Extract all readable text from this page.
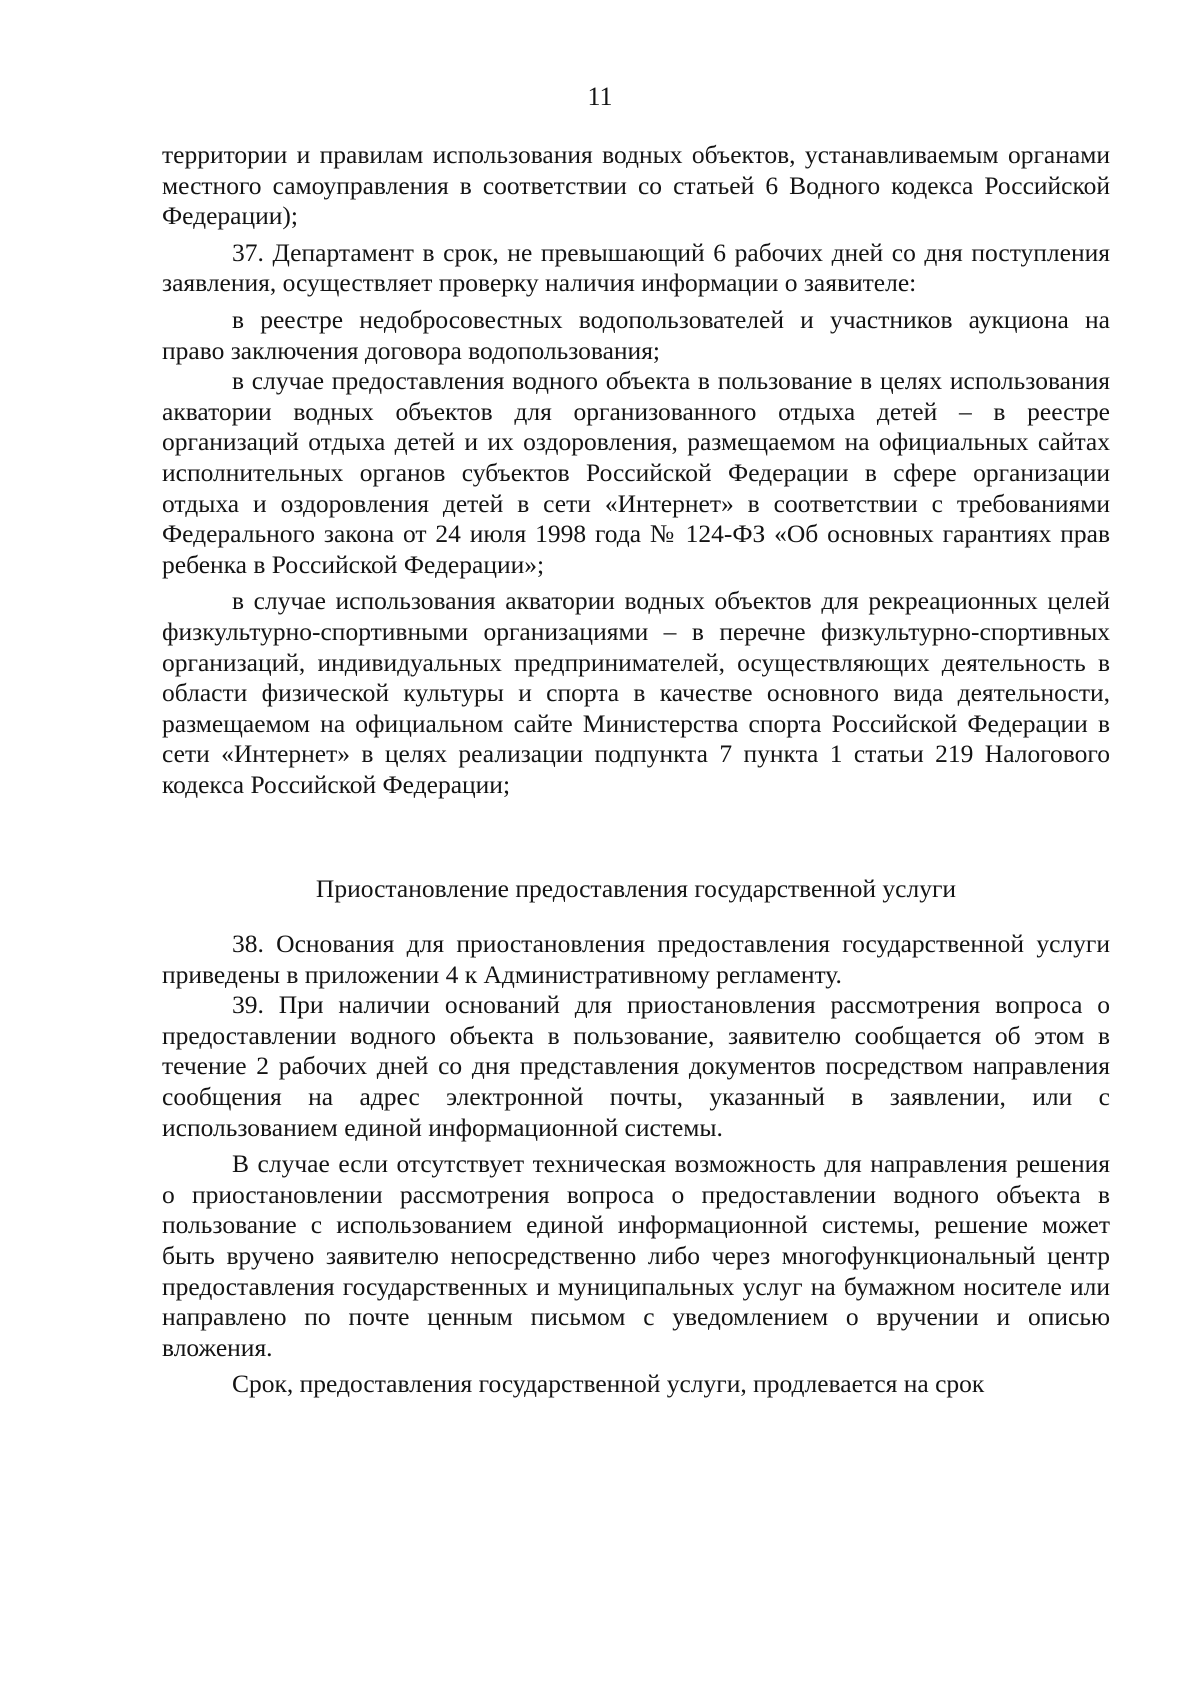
11

территории и правилам использования водных объектов, устанавливаемым органами местного самоуправления в соответствии со статьей 6 Водного кодекса Российской Федерации);

37. Департамент в срок, не превышающий 6 рабочих дней со дня поступления заявления, осуществляет проверку наличия информации о заявителе:

в реестре недобросовестных водопользователей и участников аукциона на право заключения договора водопользования;

в случае предоставления водного объекта в пользование в целях использования акватории водных объектов для организованного отдыха детей – в реестре организаций отдыха детей и их оздоровления, размещаемом на официальных сайтах исполнительных органов субъектов Российской Федерации в сфере организации отдыха и оздоровления детей в сети «Интернет» в соответствии с требованиями Федерального закона от 24 июля 1998 года № 124-ФЗ «Об основных гарантиях прав ребенка в Российской Федерации»;

в случае использования акватории водных объектов для рекреационных целей физкультурно-спортивными организациями – в перечне физкультурно-спортивных организаций, индивидуальных предпринимателей, осуществляющих деятельность в области физической культуры и спорта в качестве основного вида деятельности, размещаемом на официальном сайте Министерства спорта Российской Федерации в сети «Интернет» в целях реализации подпункта 7 пункта 1 статьи 219 Налогового кодекса Российской Федерации;

Приостановление предоставления государственной услуги

38. Основания для приостановления предоставления государственной услуги приведены в приложении 4 к Административному регламенту.

39. При наличии оснований для приостановления рассмотрения вопроса о предоставлении водного объекта в пользование, заявителю сообщается об этом в течение 2 рабочих дней со дня представления документов посредством направления сообщения на адрес электронной почты, указанный в заявлении, или с использованием единой информационной системы.

В случае если отсутствует техническая возможность для направления решения о приостановлении рассмотрения вопроса о предоставлении водного объекта в пользование с использованием единой информационной системы, решение может быть вручено заявителю непосредственно либо через многофункциональный центр предоставления государственных и муниципальных услуг на бумажном носителе или направлено по почте ценным письмом с уведомлением о вручении и описью вложения.

Срок, предоставления государственной услуги, продлевается на срок
